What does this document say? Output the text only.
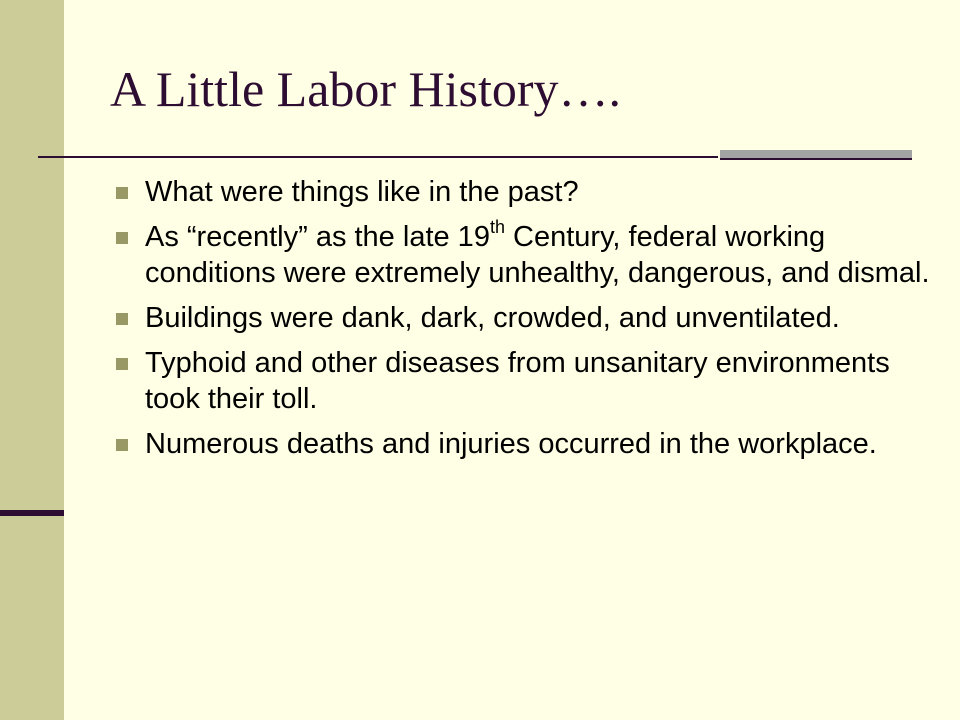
A Little Labor History….
What were things like in the past?
As “recently” as the late 19th Century, federal working conditions were extremely unhealthy, dangerous, and dismal.
Buildings were dank, dark, crowded, and unventilated.
Typhoid and other diseases from unsanitary environments took their toll.
Numerous deaths and injuries occurred in the workplace.
